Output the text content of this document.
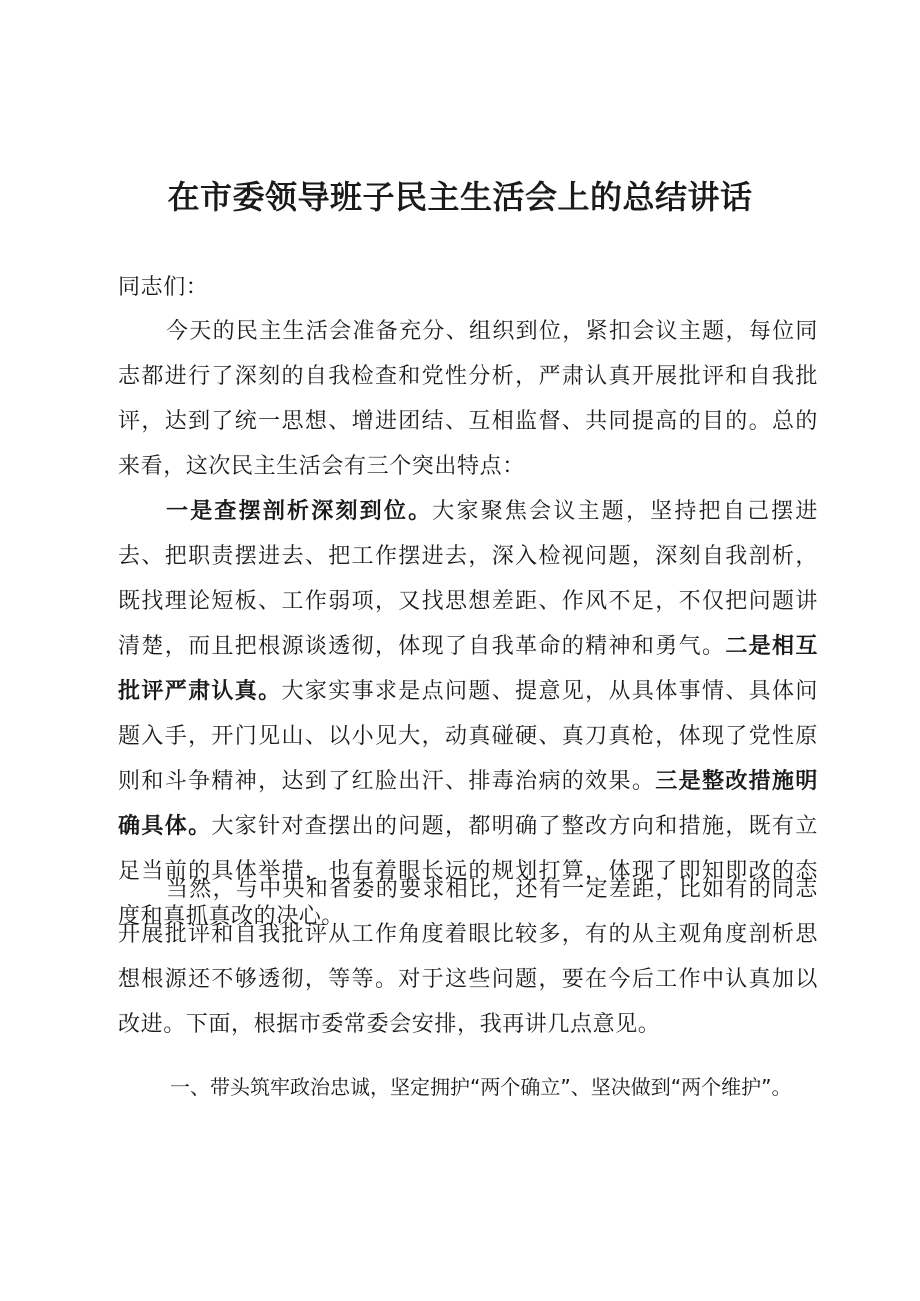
在市委领导班子民主生活会上的总结讲话
同志们：

今天的民主生活会准备充分、组织到位，紧扣会议主题，每位同志都进行了深刻的自我检查和党性分析，严肃认真开展批评和自我批评，达到了统一思想、增进团结、互相监督、共同提高的目的。总的来看，这次民主生活会有三个突出特点：

一是查摆剖析深刻到位。大家聚焦会议主题，坚持把自己摆进去、把职责摆进去、把工作摆进去，深入检视问题，深刻自我剖析，既找理论短板、工作弱项，又找思想差距、作风不足，不仅把问题讲清楚，而且把根源谈透彻，体现了自我革命的精神和勇气。二是相互批评严肃认真。大家实事求是点问题、提意见，从具体事情、具体问题入手，开门见山、以小见大，动真碰硬、真刀真枪，体现了党性原则和斗争精神，达到了红脸出汗、排毒治病的效果。三是整改措施明确具体。大家针对查摆出的问题，都明确了整改方向和措施，既有立足当前的具体举措，也有着眼长远的规划打算，体现了即知即改的态度和真抓真改的决心。

当然，与中央和省委的要求相比，还有一定差距，比如有的同志开展批评和自我批评从工作角度着眼比较多，有的从主观角度剖析思想根源还不够透彻，等等。对于这些问题，要在今后工作中认真加以改进。下面，根据市委常委会安排，我再讲几点意见。

一、带头筑牢政治忠诚，坚定拥护“两个确立”、坚决做到“两个维护”。
